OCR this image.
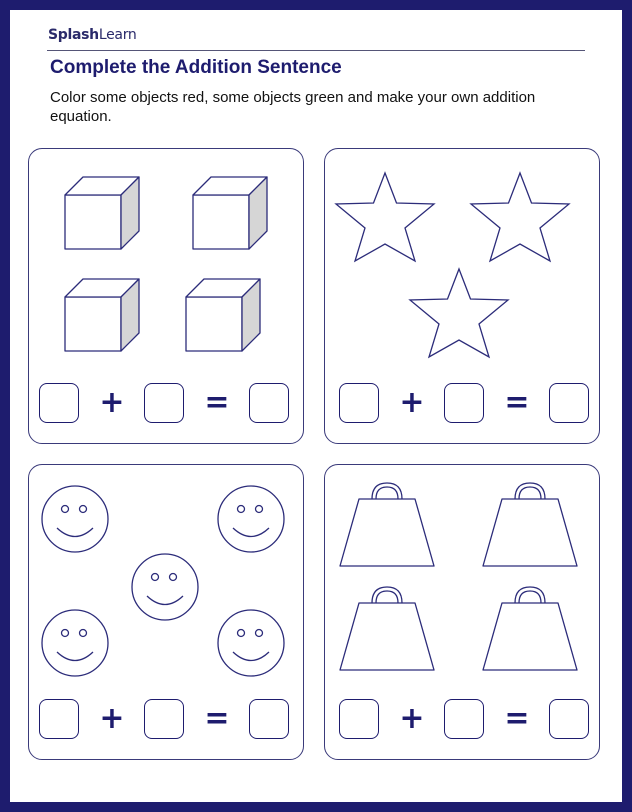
SplashLearn
Complete the Addition Sentence

Color some objects red, some objects green and make your own addition equation.

+	=	+	=
+	=	+	=
